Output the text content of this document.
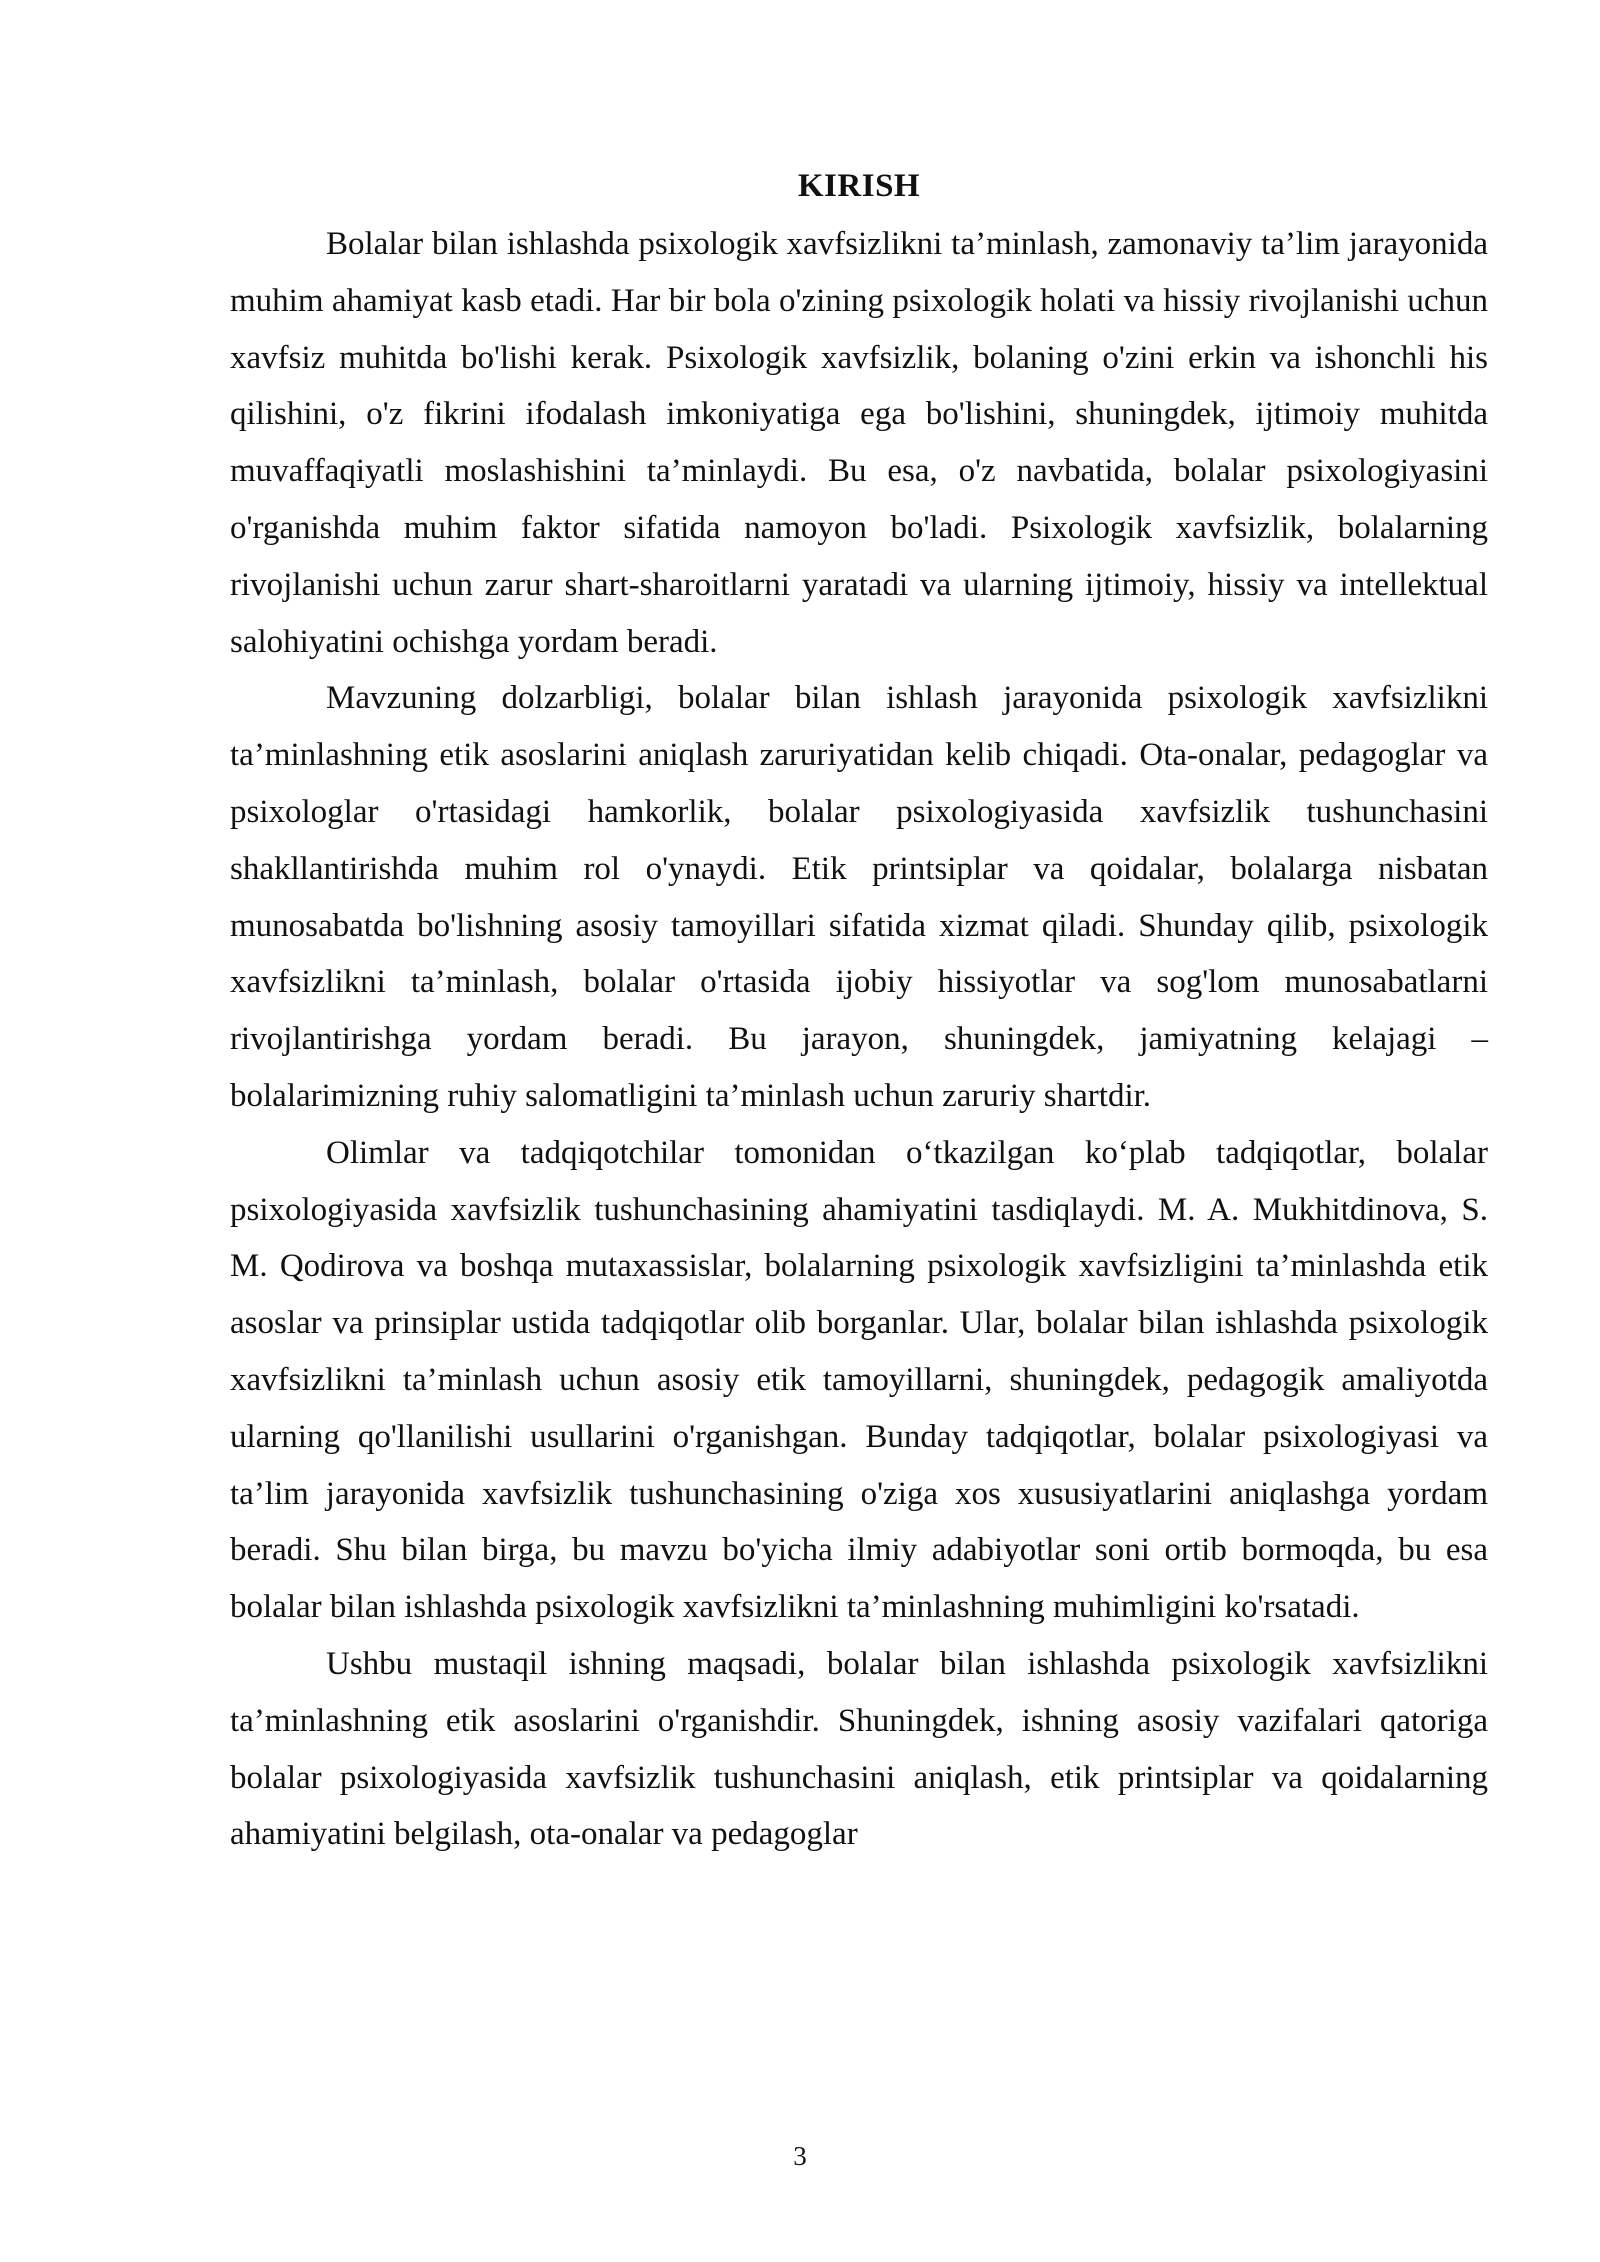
KIRISH

Bolalar bilan ishlashda psixologik xavfsizlikni ta’minlash, zamonaviy ta’lim jarayonida muhim ahamiyat kasb etadi. Har bir bola o'zining psixologik holati va hissiy rivojlanishi uchun xavfsiz muhitda bo'lishi kerak. Psixologik xavfsizlik, bolaning o'zini erkin va ishonchli his qilishini, o'z fikrini ifodalash imkoniyatiga ega bo'lishini, shuningdek, ijtimoiy muhitda muvaffaqiyatli moslashishini ta’minlaydi. Bu esa, o'z navbatida, bolalar psixologiyasini o'rganishda muhim faktor sifatida namoyon bo'ladi. Psixologik xavfsizlik, bolalarning rivojlanishi uchun zarur shart-sharoitlarni yaratadi va ularning ijtimoiy, hissiy va intellektual salohiyatini ochishga yordam beradi.

Mavzuning dolzarbligi, bolalar bilan ishlash jarayonida psixologik xavfsizlikni ta’minlashning etik asoslarini aniqlash zaruriyatidan kelib chiqadi. Ota-onalar, pedagoglar va psixologlar o'rtasidagi hamkorlik, bolalar psixologiyasida xavfsizlik tushunchasini shakllantirishda muhim rol o'ynaydi. Etik printsiplar va qoidalar, bolalarga nisbatan munosabatda bo'lishning asosiy tamoyillari sifatida xizmat qiladi. Shunday qilib, psixologik xavfsizlikni ta’minlash, bolalar o'rtasida ijobiy hissiyotlar va sog'lom munosabatlarni rivojlantirishga yordam beradi. Bu jarayon, shuningdek, jamiyatning kelajagi – bolalarimizning ruhiy salomatligini ta’minlash uchun zaruriy shartdir.

Olimlar va tadqiqotchilar tomonidan o‘tkazilgan ko‘plab tadqiqotlar, bolalar psixologiyasida xavfsizlik tushunchasining ahamiyatini tasdiqlaydi. M. A. Mukhitdinova, S. M. Qodirova va boshqa mutaxassislar, bolalarning psixologik xavfsizligini ta’minlashda etik asoslar va prinsiplar ustida tadqiqotlar olib borganlar. Ular, bolalar bilan ishlashda psixologik xavfsizlikni ta’minlash uchun asosiy etik tamoyillarni, shuningdek, pedagogik amaliyotda ularning qo'llanilishi usullarini o'rganishgan. Bunday tadqiqotlar, bolalar psixologiyasi va ta’lim jarayonida xavfsizlik tushunchasining o'ziga xos xususiyatlarini aniqlashga yordam beradi. Shu bilan birga, bu mavzu bo'yicha ilmiy adabiyotlar soni ortib bormoqda, bu esa bolalar bilan ishlashda psixologik xavfsizlikni ta’minlashning muhimligini ko'rsatadi.

Ushbu mustaqil ishning maqsadi, bolalar bilan ishlashda psixologik xavfsizlikni ta’minlashning etik asoslarini o'rganishdir. Shuningdek, ishning asosiy vazifalari qatoriga bolalar psixologiyasida xavfsizlik tushunchasini aniqlash, etik printsiplar va qoidalarning ahamiyatini belgilash, ota-onalar va pedagoglar

3
